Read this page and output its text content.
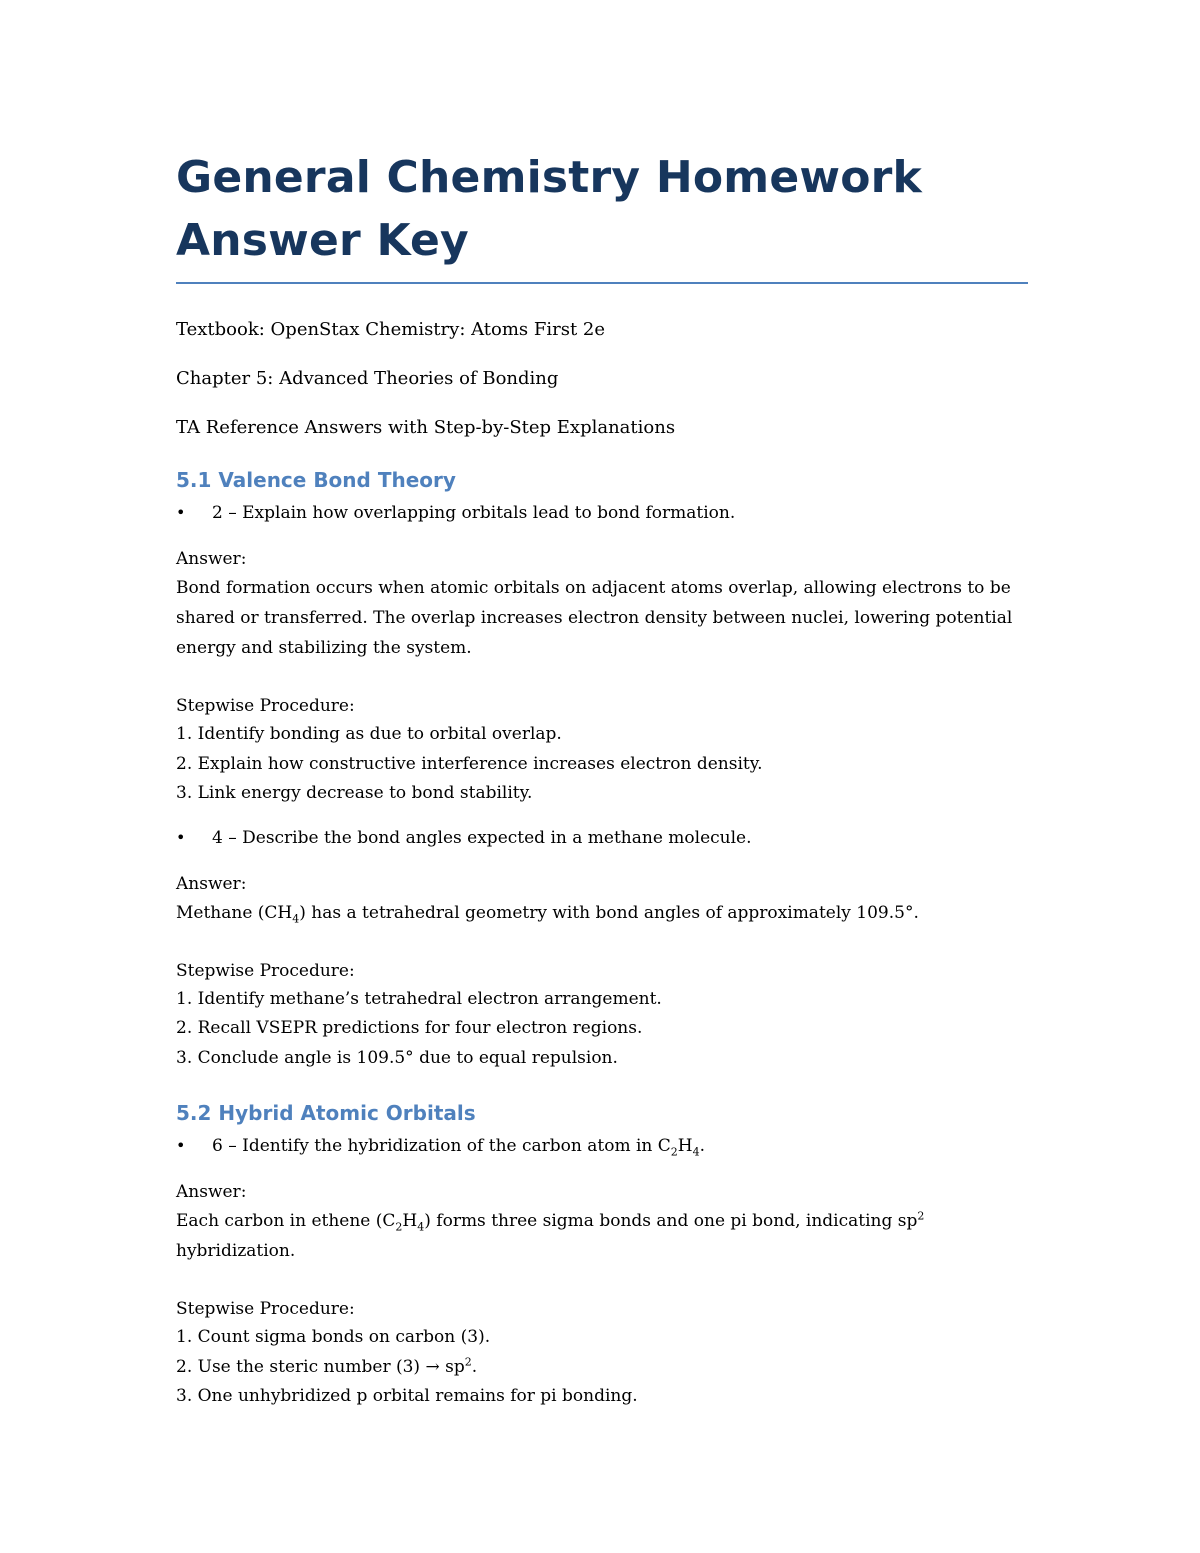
General Chemistry Homework Answer Key

Textbook: OpenStax Chemistry: Atoms First 2e

Chapter 5: Advanced Theories of Bonding

TA Reference Answers with Step-by-Step Explanations

5.1 Valence Bond Theory
•	2 – Explain how overlapping orbitals lead to bond formation.

Answer:

Bond formation occurs when atomic orbitals on adjacent atoms overlap, allowing electrons to be shared or transferred. The overlap increases electron density between nuclei, lowering potential energy and stabilizing the system.

Stepwise Procedure:

1. Identify bonding as due to orbital overlap.
2. Explain how constructive interference increases electron density.
3. Link energy decrease to bond stability.
•	4 – Describe the bond angles expected in a methane molecule.

Answer:

Methane $(CH_4)$ has a tetrahedral geometry with bond angles of approximately 109.5°.

Stepwise Procedure:

1. Identify methane’s tetrahedral electron arrangement.
2. Recall VSEPR predictions for four electron regions.
3. Conclude angle is 109.5° due to equal repulsion.
5.2 Hybrid Atomic Orbitals
•	6 – Identify the hybridization of the carbon atom in $C_2H_4$.

Answer:

Each carbon in ethene $(C_2H_4)$ forms three sigma bonds and one pi bond, indicating $sp^2$ hybridization.

Stepwise Procedure:

1. Count sigma bonds on carbon (3).
2. Use the steric number $(3) \to sp^2$.
3. One unhybridized p orbital remains for pi bonding.
